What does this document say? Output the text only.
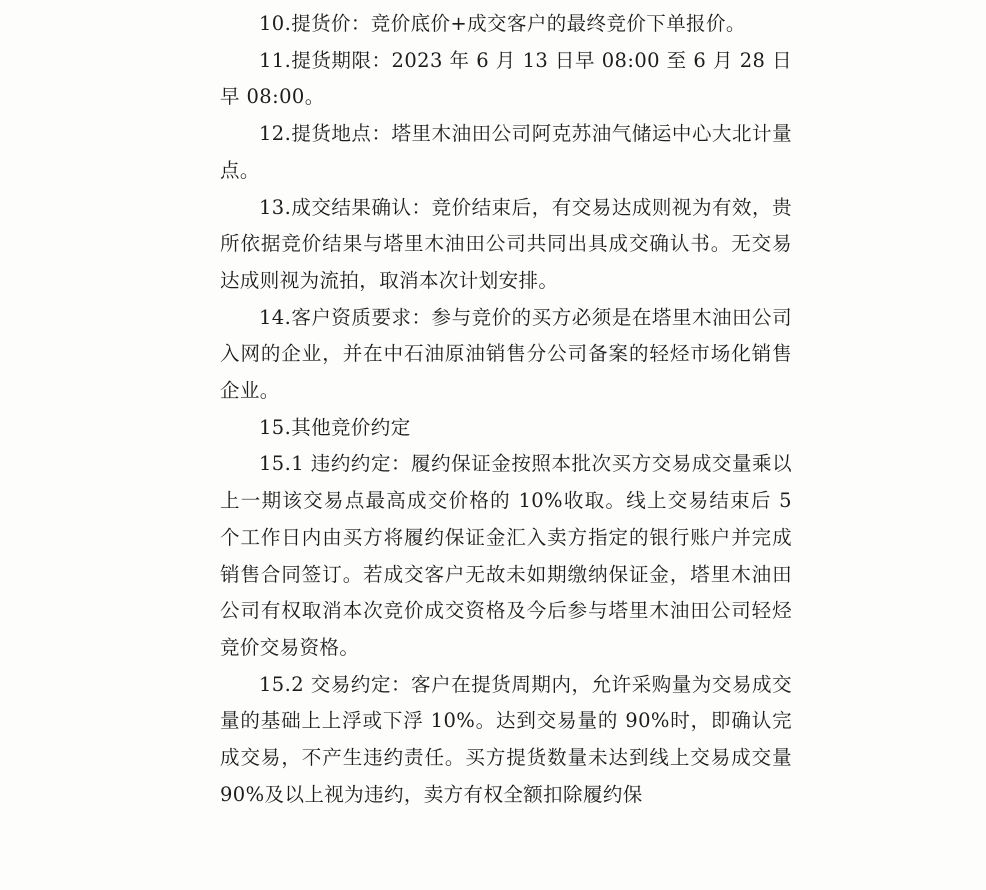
10.提货价：竞价底价+成交客户的最终竞价下单报价。

11.提货期限：2023 年 6 月 13 日早 08:00 至 6 月 28 日早 08:00。

12.提货地点：塔里木油田公司阿克苏油气储运中心大北计量点。

13.成交结果确认：竞价结束后，有交易达成则视为有效，贵所依据竞价结果与塔里木油田公司共同出具成交确认书。无交易达成则视为流拍，取消本次计划安排。

14.客户资质要求：参与竞价的买方必须是在塔里木油田公司入网的企业，并在中石油原油销售分公司备案的轻烃市场化销售企业。

15.其他竞价约定

15.1 违约约定：履约保证金按照本批次买方交易成交量乘以上一期该交易点最高成交价格的 10%收取。线上交易结束后 5 个工作日内由买方将履约保证金汇入卖方指定的银行账户并完成销售合同签订。若成交客户无故未如期缴纳保证金，塔里木油田公司有权取消本次竞价成交资格及今后参与塔里木油田公司轻烃竞价交易资格。

15.2 交易约定：客户在提货周期内，允许采购量为交易成交量的基础上上浮或下浮 10%。达到交易量的 90%时，即确认完成交易，不产生违约责任。买方提货数量未达到线上交易成交量 90%及以上视为违约，卖方有权全额扣除履约保
